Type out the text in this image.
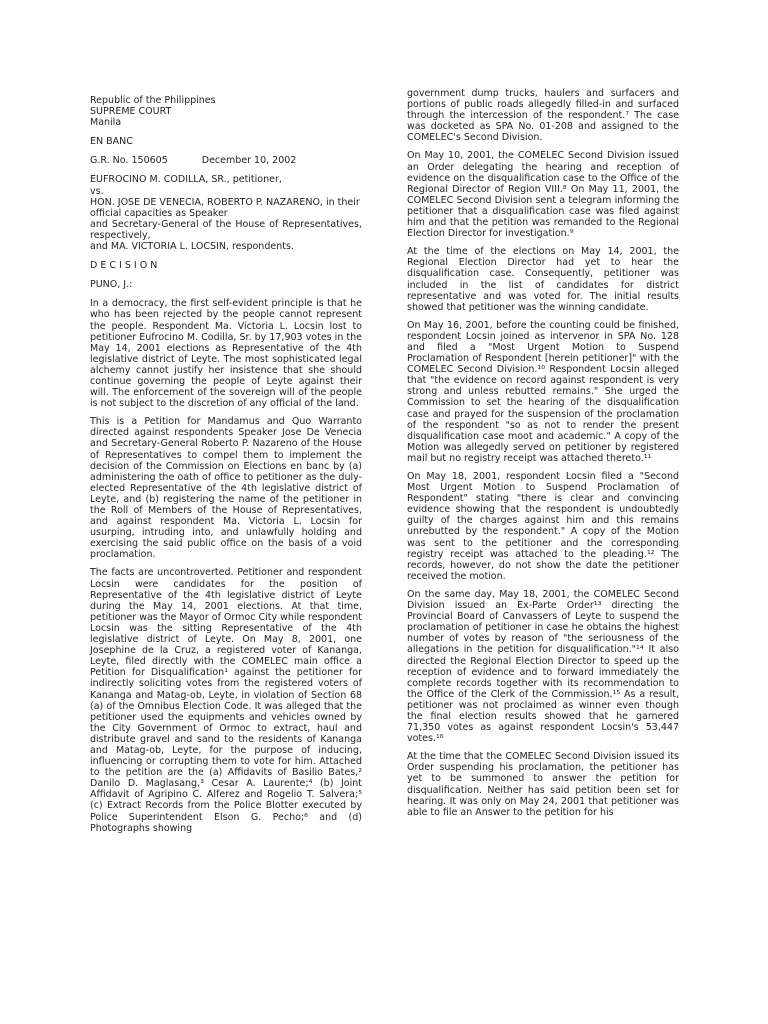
Republic of the Philippines

SUPREME COURT

Manila

EN BANC

G.R. No. 150605	December 10, 2002

EUFROCINO M. CODILLA, SR., petitioner,

vs.

HON. JOSE DE VENECIA, ROBERTO P. NAZARENO, in their official capacities as Speaker

and Secretary-General of the House of Representatives, respectively,

and MA. VICTORIA L. LOCSIN, respondents.

D E C I S I O N

PUNO, J.:

In a democracy, the first self-evident principle is that he who has been rejected by the people cannot represent the people. Respondent Ma. Victoria L. Locsin lost to petitioner Eufrocino M. Codilla, Sr. by 17,903 votes in the May 14, 2001 elections as Representative of the 4th legislative district of Leyte. The most sophisticated legal alchemy cannot justify her insistence that she should continue governing the people of Leyte against their will. The enforcement of the sovereign will of the people is not subject to the discretion of any official of the land.

This is a Petition for Mandamus and Quo Warranto directed against respondents Speaker Jose De Venecia and Secretary-General Roberto P. Nazareno of the House of Representatives to compel them to implement the decision of the Commission on Elections en banc by (a) administering the oath of office to petitioner as the duly-elected Representative of the 4th legislative district of Leyte, and (b) registering the name of the petitioner in the Roll of Members of the House of Representatives, and against respondent Ma. Victoria L. Locsin for usurping, intruding into, and unlawfully holding and exercising the said public office on the basis of a void proclamation.

The facts are uncontroverted. Petitioner and respondent Locsin were candidates for the position of Representative of the 4th legislative district of Leyte during the May 14, 2001 elections. At that time, petitioner was the Mayor of Ormoc City while respondent Locsin was the sitting Representative of the 4th legislative district of Leyte. On May 8, 2001, one Josephine de la Cruz, a registered voter of Kananga, Leyte, filed directly with the COMELEC main office a Petition for Disqualification¹ against the petitioner for indirectly soliciting votes from the registered voters of Kananga and Matag-ob, Leyte, in violation of Section 68 (a) of the Omnibus Election Code. It was alleged that the petitioner used the equipments and vehicles owned by the City Government of Ormoc to extract, haul and distribute gravel and sand to the residents of Kananga and Matag-ob, Leyte, for the purpose of inducing, influencing or corrupting them to vote for him. Attached to the petition are the (a) Affidavits of Basilio Bates,² Danilo D. Maglasang,³ Cesar A. Laurente;⁴ (b) Joint Affidavit of Agripino C. Alferez and Rogelio T. Salvera;⁵ (c) Extract Records from the Police Blotter executed by Police Superintendent Elson G. Pecho;⁶ and (d) Photographs showing

government dump trucks, haulers and surfacers and portions of public roads allegedly filled-in and surfaced through the intercession of the respondent.⁷ The case was docketed as SPA No. 01-208 and assigned to the COMELEC's Second Division.

On May 10, 2001, the COMELEC Second Division issued an Order delegating the hearing and reception of evidence on the disqualification case to the Office of the Regional Director of Region VIII.⁸ On May 11, 2001, the COMELEC Second Division sent a telegram informing the petitioner that a disqualification case was filed against him and that the petition was remanded to the Regional Election Director for investigation.⁹

At the time of the elections on May 14, 2001, the Regional Election Director had yet to hear the disqualification case. Consequently, petitioner was included in the list of candidates for district representative and was voted for. The initial results showed that petitioner was the winning candidate.

On May 16, 2001, before the counting could be finished, respondent Locsin joined as intervenor in SPA No. 128 and filed a "Most Urgent Motion to Suspend Proclamation of Respondent [herein petitioner]" with the COMELEC Second Division.¹⁰ Respondent Locsin alleged that "the evidence on record against respondent is very strong and unless rebutted remains." She urged the Commission to set the hearing of the disqualification case and prayed for the suspension of the proclamation of the respondent "so as not to render the present disqualification case moot and academic." A copy of the Motion was allegedly served on petitioner by registered mail but no registry receipt was attached thereto.¹¹

On May 18, 2001, respondent Locsin filed a "Second Most Urgent Motion to Suspend Proclamation of Respondent" stating "there is clear and convincing evidence showing that the respondent is undoubtedly guilty of the charges against him and this remains unrebutted by the respondent." A copy of the Motion was sent to the petitioner and the corresponding registry receipt was attached to the pleading.¹² The records, however, do not show the date the petitioner received the motion.

On the same day, May 18, 2001, the COMELEC Second Division issued an Ex-Parte Order¹³ directing the Provincial Board of Canvassers of Leyte to suspend the proclamation of petitioner in case he obtains the highest number of votes by reason of "the seriousness of the allegations in the petition for disqualification."¹⁴ It also directed the Regional Election Director to speed up the reception of evidence and to forward immediately the complete records together with its recommendation to the Office of the Clerk of the Commission.¹⁵ As a result, petitioner was not proclaimed as winner even though the final election results showed that he garnered 71,350 votes as against respondent Locsin's 53,447 votes.¹⁶

At the time that the COMELEC Second Division issued its Order suspending his proclamation, the petitioner has yet to be summoned to answer the petition for disqualification. Neither has said petition been set for hearing. It was only on May 24, 2001 that petitioner was able to file an Answer to the petition for his
